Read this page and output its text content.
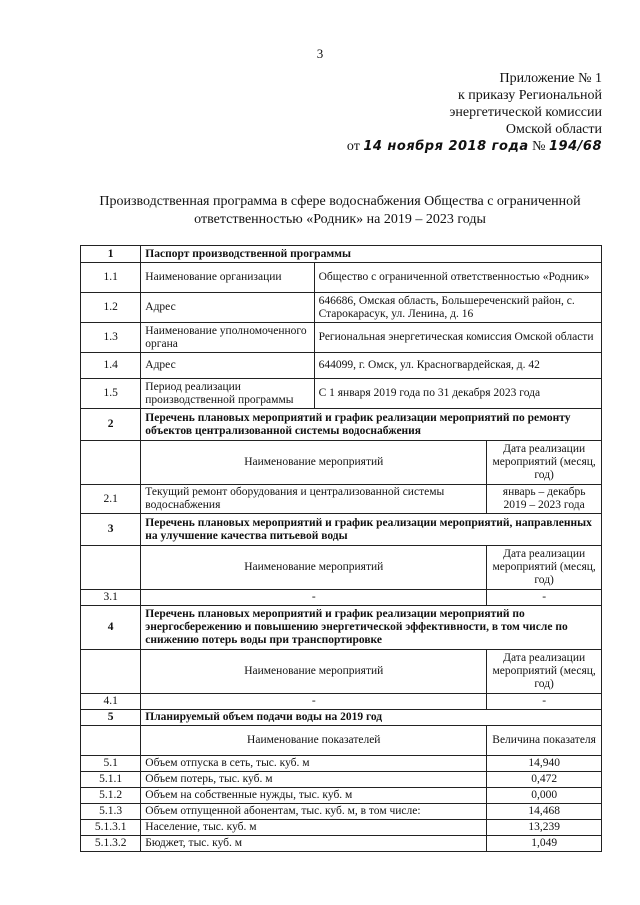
3
Приложение № 1
к приказу Региональной
энергетической комиссии
Омской области
от 14 ноября 2018 года № 194/68
Производственная программа в сфере водоснабжения Общества с ограниченной
ответственностью «Родник» на 2019 – 2023 годы
1	Паспорт производственной программы		
1.1	Наименование организации	Общество с ограниченной ответственностью «Родник»	
1.2	Адрес	646686, Омская область, Большереченский район, с. Старокарасук, ул. Ленина, д. 16	
1.3	Наименование уполномоченного органа	Региональная энергетическая комиссия Омской области	
1.4	Адрес	644099, г. Омск, ул. Красногвардейская, д. 42	
1.5	Период реализации производственной программы	С 1 января 2019 года по 31 декабря 2023 года	
2	Перечень плановых мероприятий и график реализации мероприятий по ремонту объектов централизованной системы водоснабжения		
	Наименование мероприятий		Дата реализации мероприятий (месяц, год)
2.1	Текущий ремонт оборудования и централизованной системы водоснабжения		январь – декабрь 2019 – 2023 года
3	Перечень плановых мероприятий и график реализации мероприятий, направленных на улучшение качества питьевой воды		
	Наименование мероприятий		Дата реализации мероприятий (месяц, год)
3.1	-		-
4	Перечень плановых мероприятий и график реализации мероприятий по энергосбережению и повышению энергетической эффективности, в том числе по снижению потерь воды при транспортировке		
	Наименование мероприятий		Дата реализации мероприятий (месяц, год)
4.1	-		-
5	Планируемый объем подачи воды на 2019 год		
	Наименование показателей		Величина показателя
5.1	Объем отпуска в сеть, тыс. куб. м		14,940
5.1.1	Объем потерь, тыс. куб. м		0,472
5.1.2	Объем на собственные нужды, тыс. куб. м		0,000
5.1.3	Объем отпущенной абонентам, тыс. куб. м, в том числе:		14,468
5.1.3.1	Население, тыс. куб. м		13,239
5.1.3.2	Бюджет, тыс. куб. м		1,049
